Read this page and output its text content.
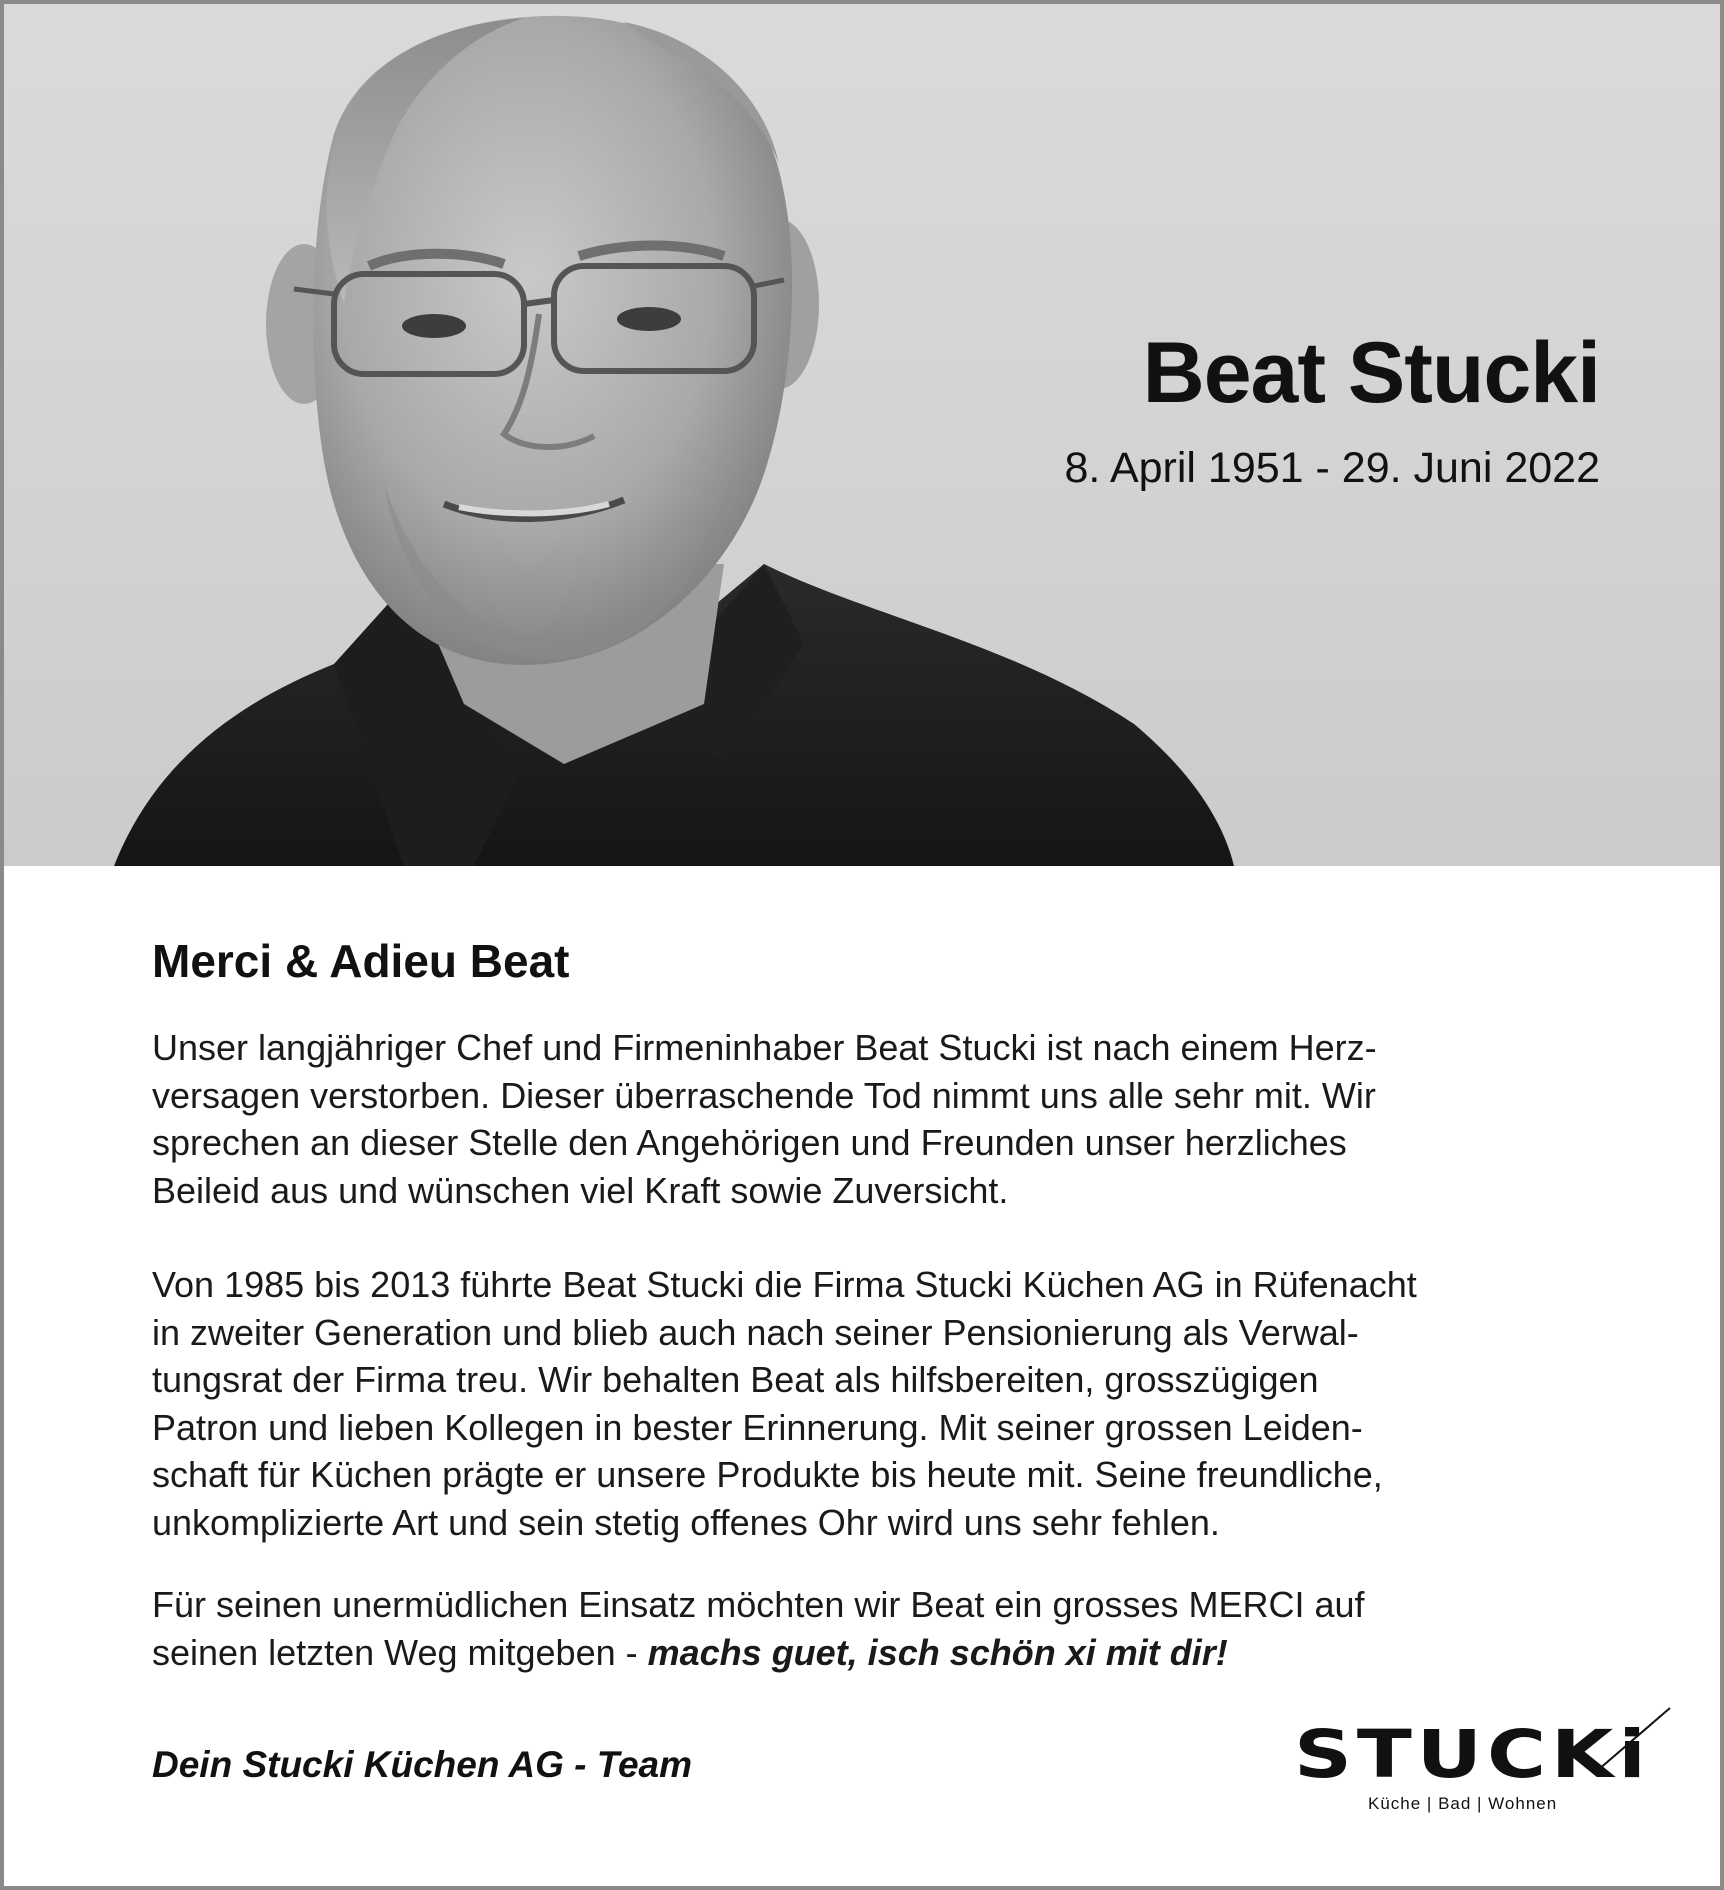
Beat Stucki

8. April 1951 - 29. Juni 2022

Merci & Adieu Beat

Unser langjähriger Chef und Firmeninhaber Beat Stucki ist nach einem Herz-
versagen verstorben. Dieser überraschende Tod nimmt uns alle sehr mit. Wir
sprechen an dieser Stelle den Angehörigen und Freunden unser herzliches
Beileid aus und wünschen viel Kraft sowie Zuversicht.

Von 1985 bis 2013 führte Beat Stucki die Firma Stucki Küchen AG in Rüfenacht
in zweiter Generation und blieb auch nach seiner Pensionierung als Verwal-
tungsrat der Firma treu. Wir behalten Beat als hilfsbereiten, grosszügigen
Patron und lieben Kollegen in bester Erinnerung. Mit seiner grossen Leiden-
schaft für Küchen prägte er unsere Produkte bis heute mit. Seine freundliche,
unkomplizierte Art und sein stetig offenes Ohr wird uns sehr fehlen.

Für seinen unermüdlichen Einsatz möchten wir Beat ein grosses MERCI auf
seinen letzten Weg mitgeben - machs guet, isch schön xi mit dir!

Dein Stucki Küchen AG - Team	STUCKi
Küche | Bad | Wohnen
